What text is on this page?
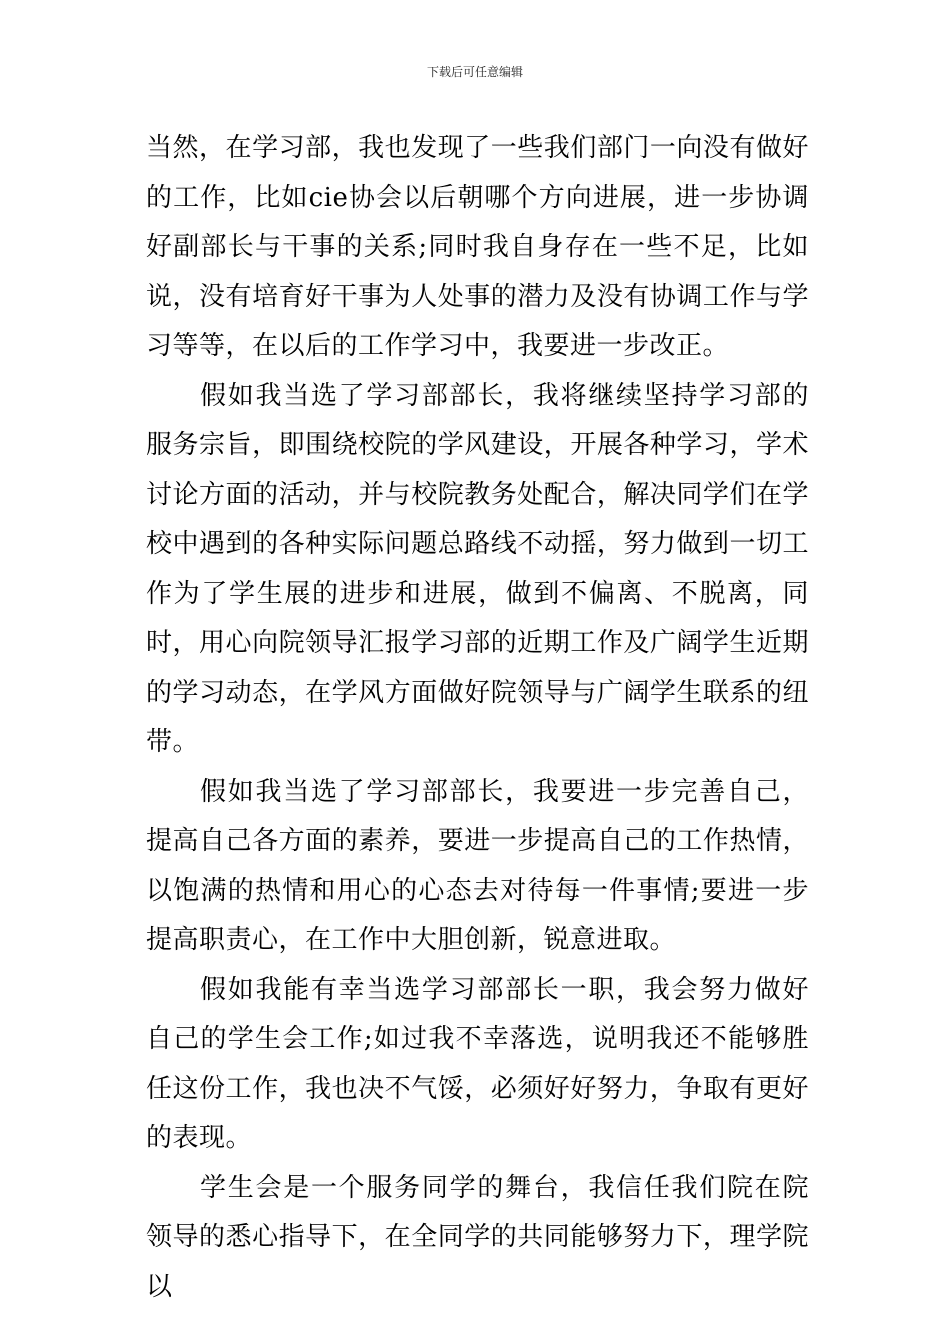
下载后可任意编辑

当然，在学习部，我也发现了一些我们部门一向没有做好的工作，比如cie协会以后朝哪个方向进展，进一步协调好副部长与干事的关系;同时我自身存在一些不足，比如说，没有培育好干事为人处事的潜力及没有协调工作与学习等等，在以后的工作学习中，我要进一步改正。

假如我当选了学习部部长，我将继续坚持学习部的服务宗旨，即围绕校院的学风建设，开展各种学习，学术讨论方面的活动，并与校院教务处配合，解决同学们在学校中遇到的各种实际问题总路线不动摇，努力做到一切工作为了学生展的进步和进展，做到不偏离、不脱离，同时，用心向院领导汇报学习部的近期工作及广阔学生近期的学习动态，在学风方面做好院领导与广阔学生联系的纽带。

假如我当选了学习部部长，我要进一步完善自己，提高自己各方面的素养，要进一步提高自己的工作热情，以饱满的热情和用心的心态去对待每一件事情;要进一步提高职责心，在工作中大胆创新，锐意进取。

假如我能有幸当选学习部部长一职，我会努力做好自己的学生会工作;如过我不幸落选，说明我还不能够胜任这份工作，我也决不气馁，必须好好努力，争取有更好的表现。

学生会是一个服务同学的舞台，我信任我们院在院领导的悉心指导下，在全同学的共同能够努力下，理学院以
